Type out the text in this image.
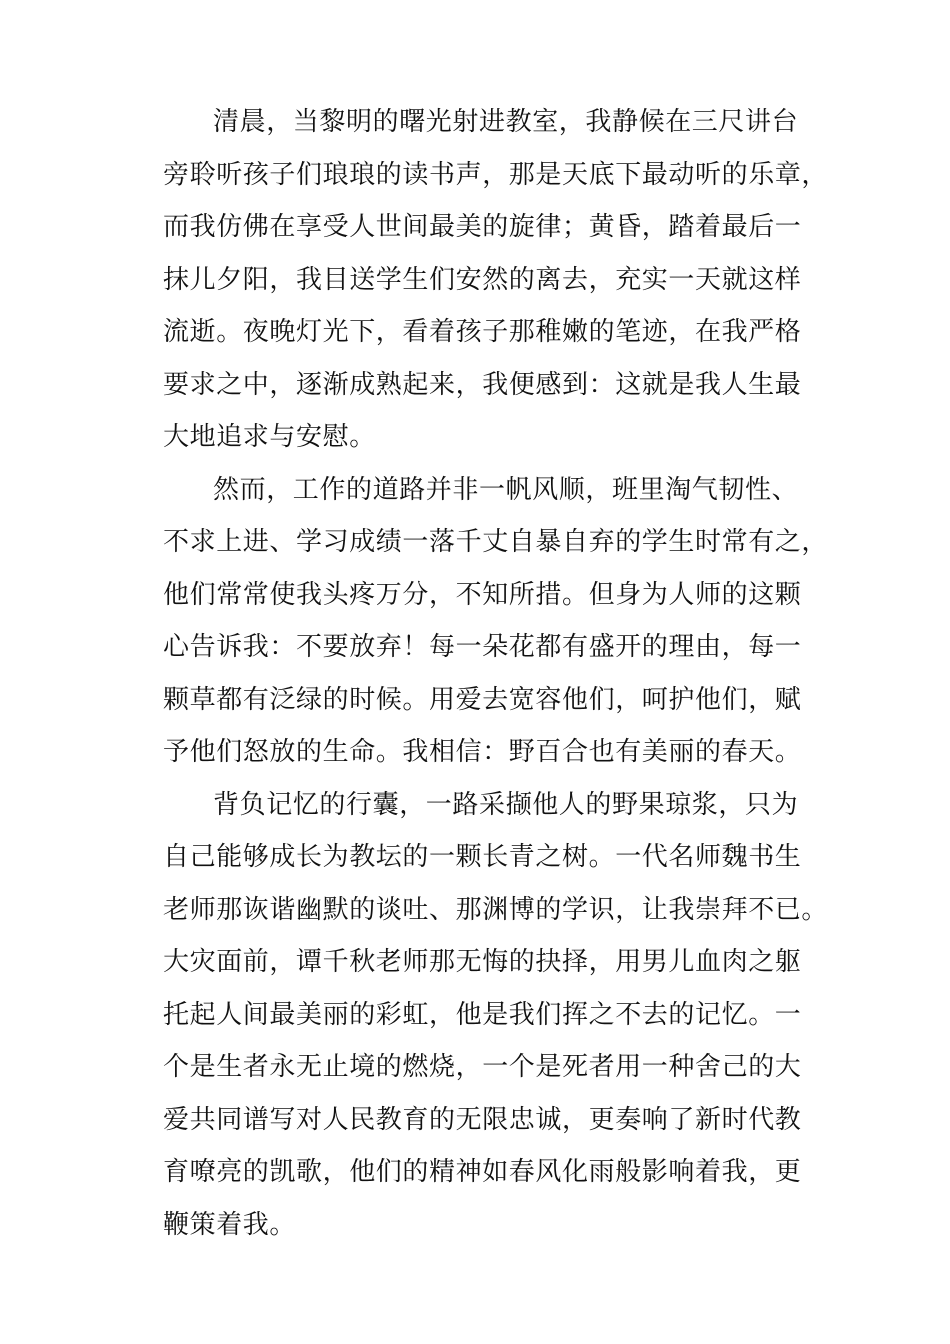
清晨，当黎明的曙光射进教室，我静候在三尺讲台

旁聆听孩子们琅琅的读书声，那是天底下最动听的乐章，

而我仿佛在享受人世间最美的旋律；黄昏，踏着最后一

抹儿夕阳，我目送学生们安然的离去，充实一天就这样

流逝。夜晚灯光下，看着孩子那稚嫩的笔迹，在我严格

要求之中，逐渐成熟起来，我便感到：这就是我人生最

大地追求与安慰。

然而，工作的道路并非一帆风顺，班里淘气韧性、

不求上进、学习成绩一落千丈自暴自弃的学生时常有之，

他们常常使我头疼万分，不知所措。但身为人师的这颗

心告诉我：不要放弃！每一朵花都有盛开的理由，每一

颗草都有泛绿的时候。用爱去宽容他们，呵护他们，赋

予他们怒放的生命。我相信：野百合也有美丽的春天。

背负记忆的行囊，一路采撷他人的野果琼浆，只为

自己能够成长为教坛的一颗长青之树。一代名师魏书生

老师那诙谐幽默的谈吐、那渊博的学识，让我崇拜不已。

大灾面前，谭千秋老师那无悔的抉择，用男儿血肉之躯

托起人间最美丽的彩虹，他是我们挥之不去的记忆。一

个是生者永无止境的燃烧，一个是死者用一种舍己的大

爱共同谱写对人民教育的无限忠诚，更奏响了新时代教

育嘹亮的凯歌，他们的精神如春风化雨般影响着我，更

鞭策着我。
